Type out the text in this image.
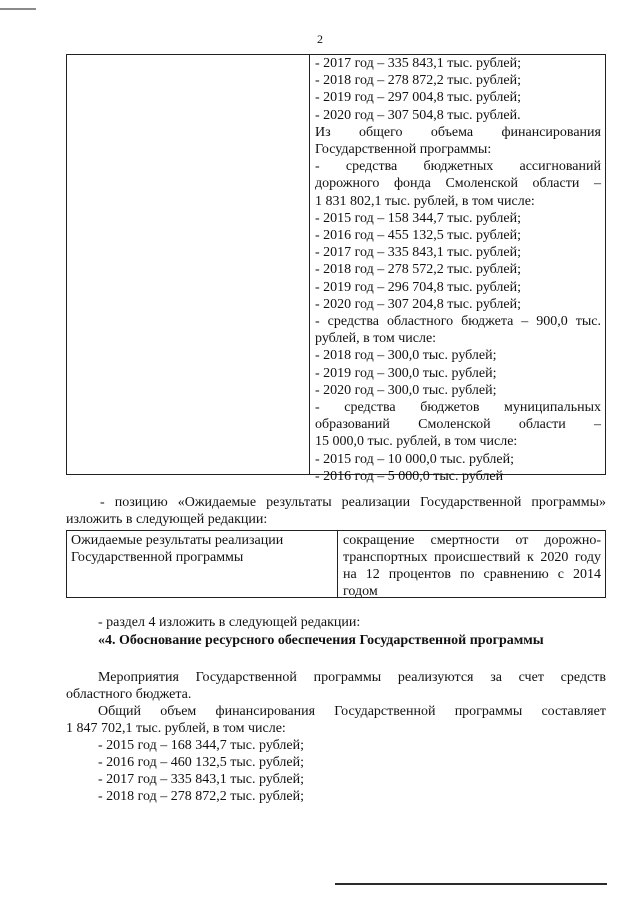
2
- 2017 год – 335 843,1 тыс. рублей;
- 2018 год – 278 872,2 тыс. рублей;
- 2019 год – 297 004,8 тыс. рублей;
- 2020 год – 307 504,8 тыс. рублей.
Из общего объема финансирования
Государственной программы:
- средства бюджетных ассигнований
дорожного фонда Смоленской области –
1 831 802,1 тыс. рублей, в том числе:
- 2015 год – 158 344,7 тыс. рублей;
- 2016 год – 455 132,5 тыс. рублей;
- 2017 год – 335 843,1 тыс. рублей;
- 2018 год – 278 572,2 тыс. рублей;
- 2019 год – 296 704,8 тыс. рублей;
- 2020 год – 307 204,8 тыс. рублей;
- средства областного бюджета – 900,0 тыс.
рублей, в том числе:
- 2018 год – 300,0 тыс. рублей;
- 2019 год – 300,0 тыс. рублей;
- 2020 год – 300,0 тыс. рублей;
- средства бюджетов муниципальных
образований Смоленской области –
15 000,0 тыс. рублей, в том числе:
- 2015 год – 10 000,0 тыс. рублей;
- 2016 год – 5 000,0 тыс. рублей
- позицию «Ожидаемые результаты реализации Государственной программы»
изложить в следующей редакции:
Ожидаемые результаты реализации Государственной программы
сокращение смертности от дорожно-транспортных происшествий к 2020 году на 12 процентов по сравнению с 2014 годом
- раздел 4 изложить в следующей редакции:
«4. Обоснование ресурсного обеспечения Государственной программы
Мероприятия Государственной программы реализуются за счет средств
областного бюджета.
Общий объем финансирования Государственной программы составляет
1 847 702,1 тыс. рублей, в том числе:
- 2015 год – 168 344,7 тыс. рублей;
- 2016 год – 460 132,5 тыс. рублей;
- 2017 год – 335 843,1 тыс. рублей;
- 2018 год – 278 872,2 тыс. рублей;
